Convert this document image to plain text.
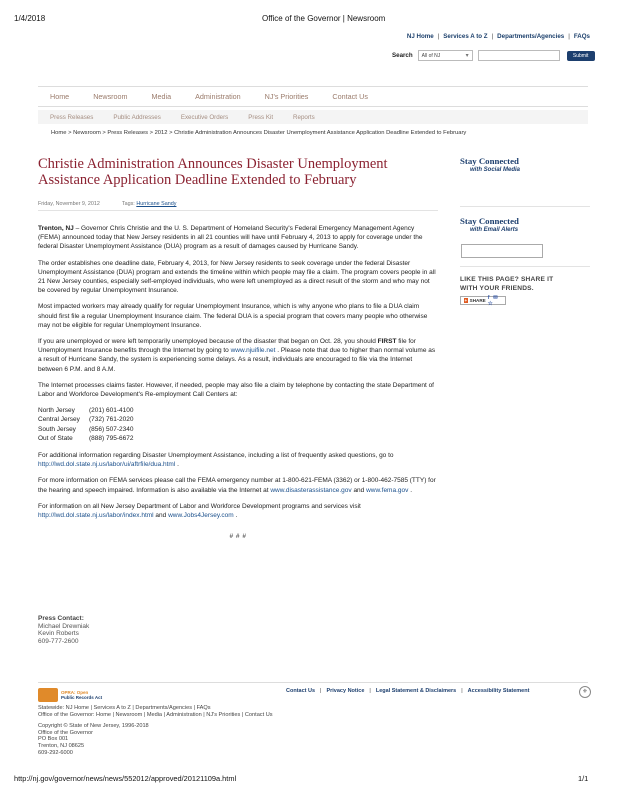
1/4/2018	Office of the Governor | Newsroom
NJ Home | Services A to Z | Departments/Agencies | FAQs
Search	All of NJ	▾	Submit
Home	Newsroom	Media	Administration	NJ's Priorities	Contact Us
Press Releases	Public Addresses	Executive Orders	Press Kit	Reports
Home > Newsroom > Press Releases > 2012 > Christie Administration Announces Disaster Unemployment Assistance Application Deadline Extended to February
Christie Administration Announces Disaster Unemployment Assistance Application Deadline Extended to February
Friday, November 9, 2012	Tags: Hurricane Sandy

Trenton, NJ – Governor Chris Christie and the U. S. Department of Homeland Security's Federal Emergency Management Agency (FEMA) announced today that New Jersey residents in all 21 counties will have until February 4, 2013 to apply for coverage under the federal Disaster Unemployment Assistance (DUA) program as a result of damages caused by Hurricane Sandy.

The order establishes one deadline date, February 4, 2013, for New Jersey residents to seek coverage under the federal Disaster Unemployment Assistance (DUA) program and extends the timeline within which people may file a claim. The program covers people in all 21 New Jersey counties, especially self-employed individuals, who were left unemployed as a direct result of the storm and who may not be covered by regular Unemployment Insurance.

Most impacted workers may already qualify for regular Unemployment Insurance, which is why anyone who plans to file a DUA claim should first file a regular Unemployment Insurance claim. The federal DUA is a special program that covers many people who otherwise may not be eligible for regular Unemployment Insurance.

If you are unemployed or were left temporarily unemployed because of the disaster that began on Oct. 28, you should FIRST file for Unemployment Insurance benefits through the Internet by going to www.njuifile.net . Please note that due to higher than normal volume as a result of Hurricane Sandy, the system is experiencing some delays. As a result, individuals are encouraged to file via the Internet between 6 P.M. and 8 A.M.

The Internet processes claims faster. However, if needed, people may also file a claim by telephone by contacting the state Department of Labor and Workforce Development's Re-employment Call Centers at:

North Jersey	(201) 601-4100
Central Jersey	(732) 761-2020
South Jersey	(856) 507-2340
Out of State	(888) 795-6672

For additional information regarding Disaster Unemployment Assistance, including a list of frequently asked questions, go to http://lwd.dol.state.nj.us/labor/ui/aftrfile/dua.html .

For more information on FEMA services please call the FEMA emergency number at 1-800-621-FEMA (3362) or 1-800-462-7585 (TTY) for the hearing and speech impaired. Information is also available via the Internet at www.disasterassistance.gov and www.fema.gov .

For information on all New Jersey Department of Labor and Workforce Development programs and services visit http://lwd.dol.state.nj.us/labor/index.html and www.Jobs4Jersey.com .

# # #
Press Contact:
Michael Drewniak
Kevin Roberts
609-777-2600
Stay Connected
with Social Media
Stay Connected
with Email Alerts
LIKE THIS PAGE? SHARE IT
WITH YOUR FRIENDS.
+ SHARE f ✉ ☆
OPRA: Open
Public Records Act
Contact Us | Privacy Notice | Legal Statement & Disclaimers | Accessibility Statement	⚜
Statewide: NJ Home | Services A to Z | Departments/Agencies | FAQs
Office of the Governor: Home | Newsroom | Media | Administration | NJ's Priorities | Contact Us
Copyright © State of New Jersey, 1996-2018
Office of the Governor
PO Box 001
Trenton, NJ 08625
609-292-6000
http://nj.gov/governor/news/news/552012/approved/20121109a.html	1/1
